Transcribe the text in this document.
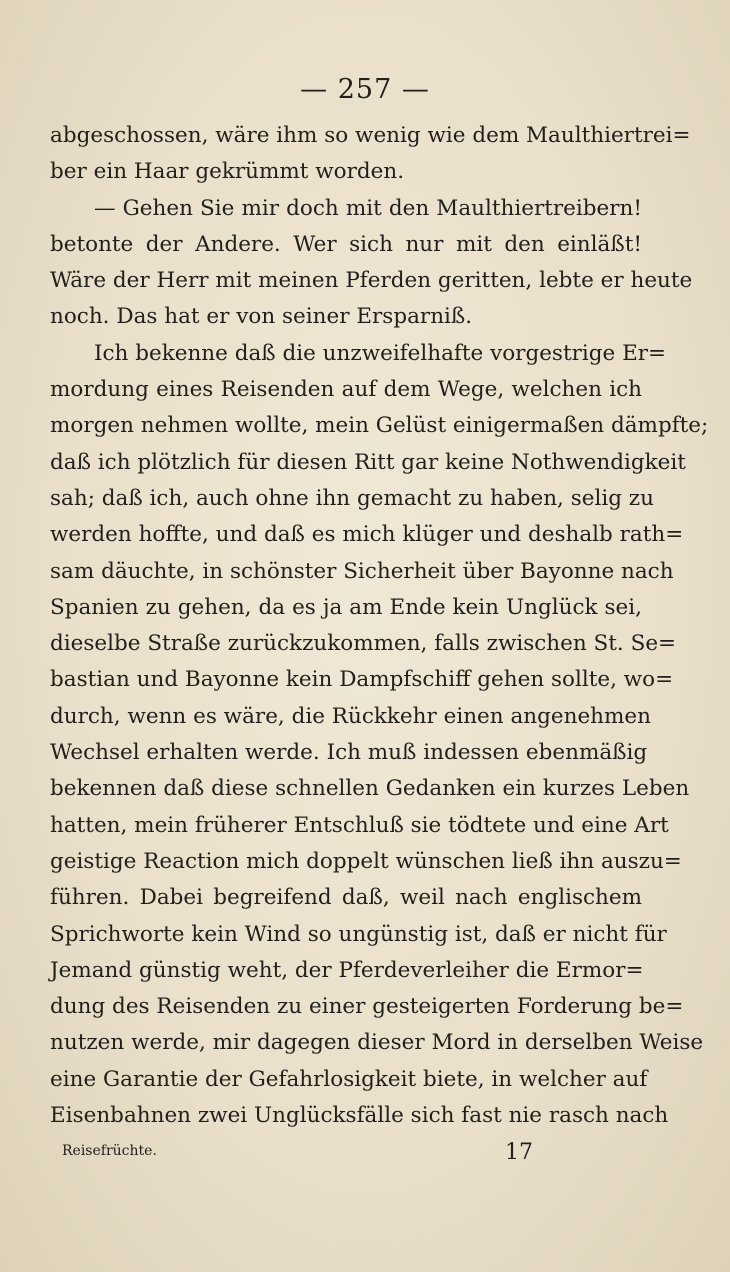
— 257 —
abgeschossen, wäre ihm so wenig wie dem Maulthiertrei=
ber ein Haar gekrümmt worden.
— Gehen Sie mir doch mit den Maulthiertreibern!
betonte der Andere. Wer sich nur mit den einläßt!
Wäre der Herr mit meinen Pferden geritten, lebte er heute
noch. Das hat er von seiner Ersparniß.
Ich bekenne daß die unzweifelhafte vorgestrige Er=
mordung eines Reisenden auf dem Wege, welchen ich
morgen nehmen wollte, mein Gelüst einigermaßen dämpfte;
daß ich plötzlich für diesen Ritt gar keine Nothwendigkeit
sah; daß ich, auch ohne ihn gemacht zu haben, selig zu
werden hoffte, und daß es mich klüger und deshalb rath=
sam däuchte, in schönster Sicherheit über Bayonne nach
Spanien zu gehen, da es ja am Ende kein Unglück sei,
dieselbe Straße zurückzukommen, falls zwischen St. Se=
bastian und Bayonne kein Dampfschiff gehen sollte, wo=
durch, wenn es wäre, die Rückkehr einen angenehmen
Wechsel erhalten werde. Ich muß indessen ebenmäßig
bekennen daß diese schnellen Gedanken ein kurzes Leben
hatten, mein früherer Entschluß sie tödtete und eine Art
geistige Reaction mich doppelt wünschen ließ ihn auszu=
führen. Dabei begreifend daß, weil nach englischem
Sprichworte kein Wind so ungünstig ist, daß er nicht für
Jemand günstig weht, der Pferdeverleiher die Ermor=
dung des Reisenden zu einer gesteigerten Forderung be=
nutzen werde, mir dagegen dieser Mord in derselben Weise
eine Garantie der Gefahrlosigkeit biete, in welcher auf
Eisenbahnen zwei Unglücksfälle sich fast nie rasch nach
Reisefrüchte.	17
